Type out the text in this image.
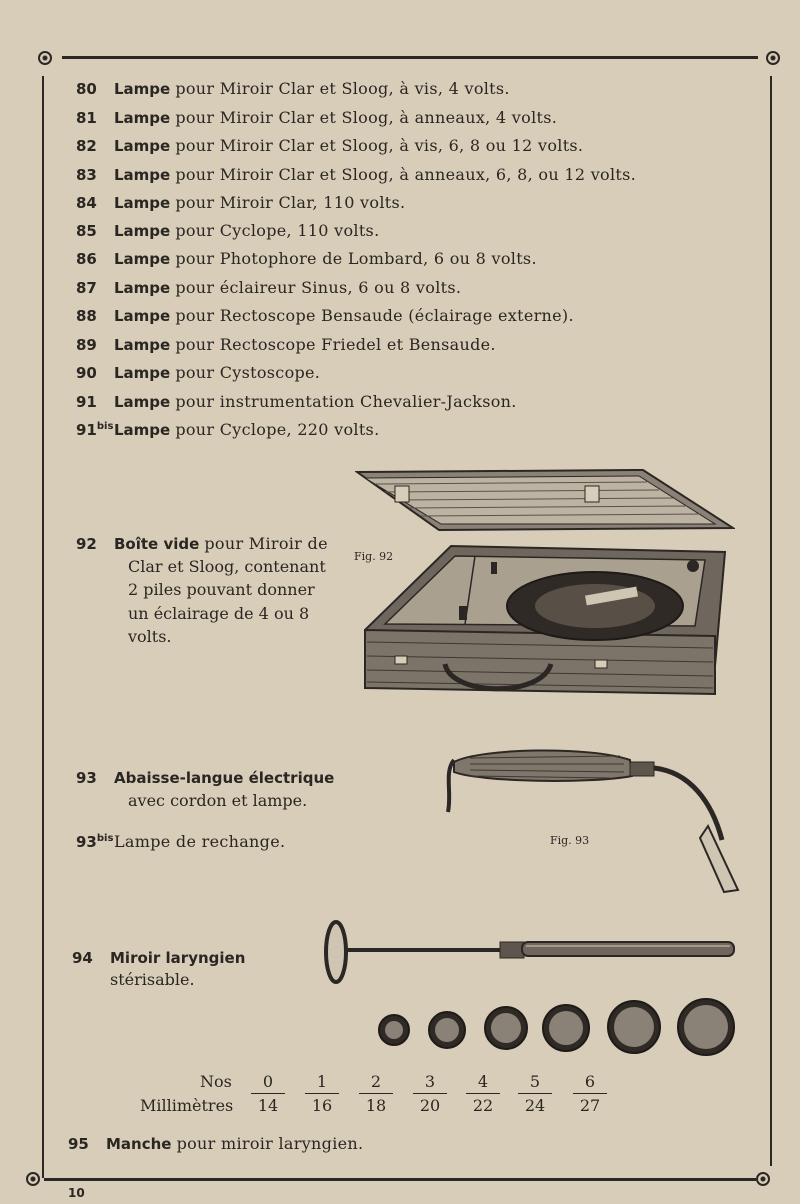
80 Lampe pour Miroir Clar et Sloog, à vis, 4 volts.
81 Lampe pour Miroir Clar et Sloog, à anneaux, 4 volts.
82 Lampe pour Miroir Clar et Sloog, à vis, 6, 8 ou 12 volts.
83 Lampe pour Miroir Clar et Sloog, à anneaux, 6, 8, ou 12 volts.
84 Lampe pour Miroir Clar, 110 volts.
85 Lampe pour Cyclope, 110 volts.
86 Lampe pour Photophore de Lombard, 6 ou 8 volts.
87 Lampe pour éclaireur Sinus, 6 ou 8 volts.
88 Lampe pour Rectoscope Bensaude (éclairage externe).
89 Lampe pour Rectoscope Friedel et Bensaude.
90 Lampe pour Cystoscope.
91 Lampe pour instrumentation Chevalier-Jackson.
$91^{bis}Lampe$ pour Cyclope, 220 volts.
92 Boîte vide pour Miroir de
Clar et Sloog, contenant
2 piles pouvant donner
un éclairage de 4 ou 8
volts.
Fig. 92
93 Abaisse-langue électrique
avec cordon et lampe.
$93^{bis}Lampe$ de rechange.	Fig. 93
94 Miroir laryngien
stérisable.
Nos
Millimètres
0
14
1
16
2
18
3
20
4
22
5
24
6
27
95 Manche pour miroir laryngien.
10
